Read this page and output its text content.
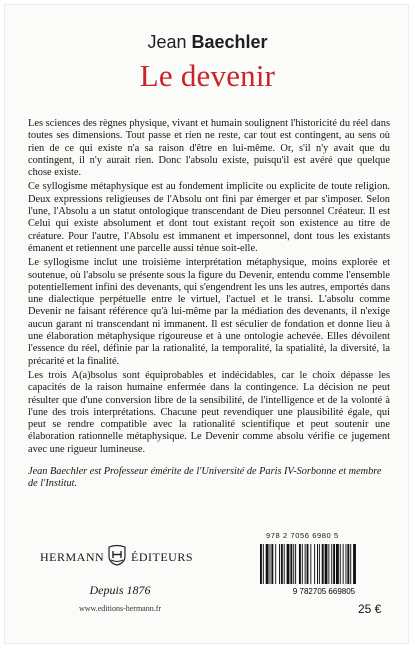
Jean Baechler
Le devenir

Les sciences des règnes physique, vivant et humain soulignent l'historicité du réel dans toutes ses dimensions. Tout passe et rien ne reste, car tout est contingent, au sens où rien de ce qui existe n'a sa raison d'être en lui-même. Or, s'il n'y avait que du contingent, il n'y aurait rien. Donc l'absolu existe, puisqu'il est avéré que quelque chose existe.

Ce syllogisme métaphysique est au fondement implicite ou explicite de toute religion. Deux expressions religieuses de l'Absolu ont fini par émerger et par s'imposer. Selon l'une, l'Absolu a un statut ontologique transcendant de Dieu personnel Créateur. Il est Celui qui existe absolument et dont tout existant reçoit son existence au titre de créature. Pour l'autre, l'Absolu est immanent et impersonnel, dont tous les existants émanent et retiennent une parcelle aussi ténue soit-elle.

Le syllogisme inclut une troisième interprétation métaphysique, moins explorée et soutenue, où l'absolu se présente sous la figure du Devenir, entendu comme l'ensemble potentiellement infini des devenants, qui s'engendrent les uns les autres, emportés dans une dialectique perpétuelle entre le virtuel, l'actuel et le transi. L'absolu comme Devenir ne faisant référence qu'à lui-même par la médiation des devenants, il n'exige aucun garant ni transcendant ni immanent. Il est séculier de fondation et donne lieu à une élaboration métaphysique rigoureuse et à une ontologie achevée. Elles dévoilent l'essence du réel, définie par la rationalité, la temporalité, la spatialité, la diversité, la précarité et la finalité.

Les trois A(a)bsolus sont équiprobables et indécidables, car le choix dépasse les capacités de la raison humaine enfermée dans la contingence. La décision ne peut résulter que d'une conversion libre de la sensibilité, de l'intelligence et de la volonté à l'une des trois interprétations. Chacune peut revendiquer une plausibilité égale, qui peut se rendre compatible avec la rationalité scientifique et peut soutenir une élaboration rationnelle métaphysique. Le Devenir comme absolu vérifie ce jugement avec une rigueur lumineuse.

Jean Baechler est Professeur émérite de l'Université de Paris IV-Sorbonne et membre de l'Institut.
978 2 7056 6980 5
9 782705 669805
HERMANN ÉDITEURS
Depuis 1876
www.editions-hermann.fr	25 €
